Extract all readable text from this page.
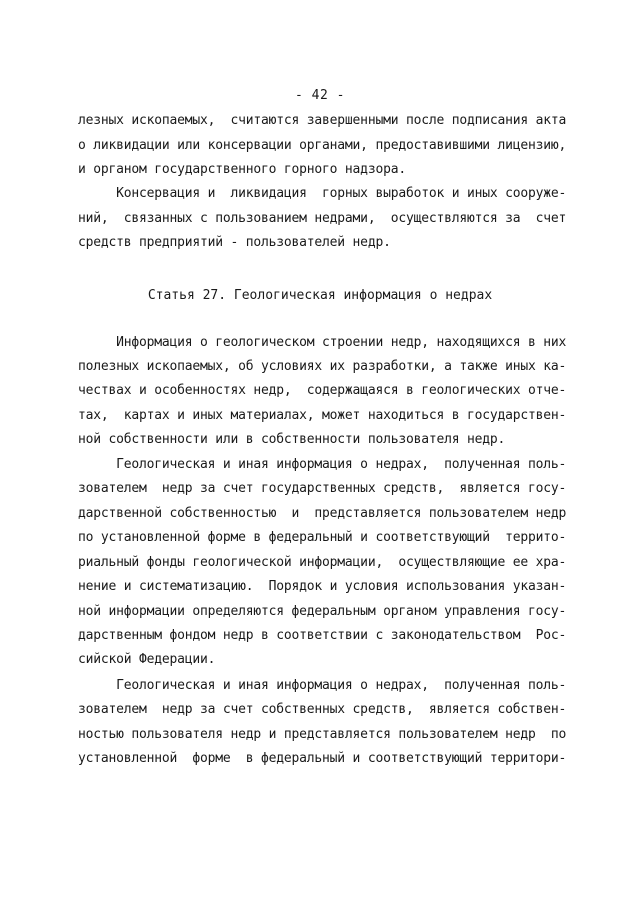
- 42 -
лезных ископаемых,  считаются завершенными после подписания акта
о ликвидации или консервации органами, предоставившими лицензию,
и органом государственного горного надзора.
Консервация и  ликвидация  горных выработок и иных сооруже-
ний,  связанных с пользованием недрами,  осуществляются за  счет
средств предприятий - пользователей недр.
Статья 27. Геологическая информация о недрах
Информация о геологическом строении недр, находящихся в них
полезных ископаемых, об условиях их разработки, а также иных ка-
чествах и особенностях недр,  содержащаяся в геологических отче-
тах,  картах и иных материалах, может находиться в государствен-
ной собственности или в собственности пользователя недр.
Геологическая и иная информация о недрах,  полученная поль-
зователем  недр за счет государственных средств,  является госу-
дарственной собственностью  и  представляется пользователем недр
по установленной форме в федеральный и соответствующий  террито-
риальный фонды геологической информации,  осуществляющие ее хра-
нение и систематизацию.  Порядок и условия использования указан-
ной информации определяются федеральным органом управления госу-
дарственным фондом недр в соответствии с законодательством  Рос-
сийской Федерации.
Геологическая и иная информация о недрах,  полученная поль-
зователем  недр за счет собственных средств,  является собствен-
ностью пользователя недр и представляется пользователем недр  по
установленной  форме  в федеральный и соответствующий территори-
